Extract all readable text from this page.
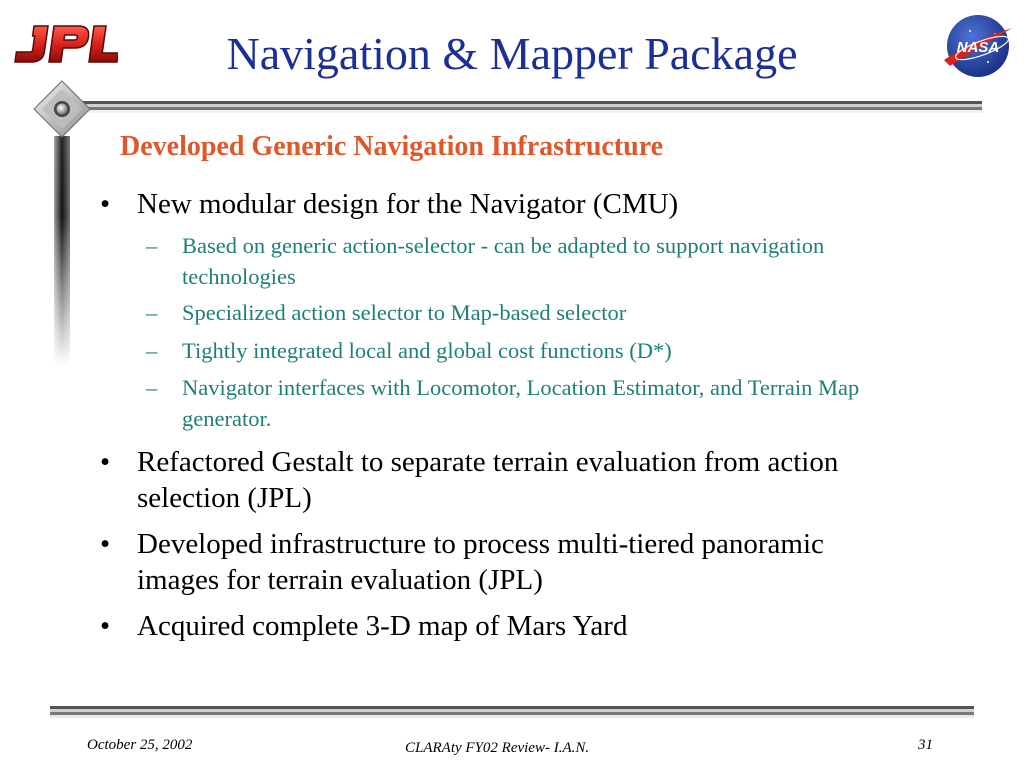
JPL
NASA
Navigation & Mapper Package
Developed Generic Navigation Infrastructure
• New modular design for the Navigator (CMU)
– Based on generic action-selector - can be adapted to support navigation technologies
– Specialized action selector to Map-based selector
– Tightly integrated local and global cost functions (D*)
– Navigator interfaces with Locomotor, Location Estimator, and Terrain Map generator.
• Refactored Gestalt to separate terrain evaluation from action selection (JPL)
• Developed infrastructure to process multi-tiered panoramic images for terrain evaluation (JPL)
• Acquired complete 3-D map of Mars Yard
October 25, 2002	CLARAty FY02 Review- I.A.N.	31
